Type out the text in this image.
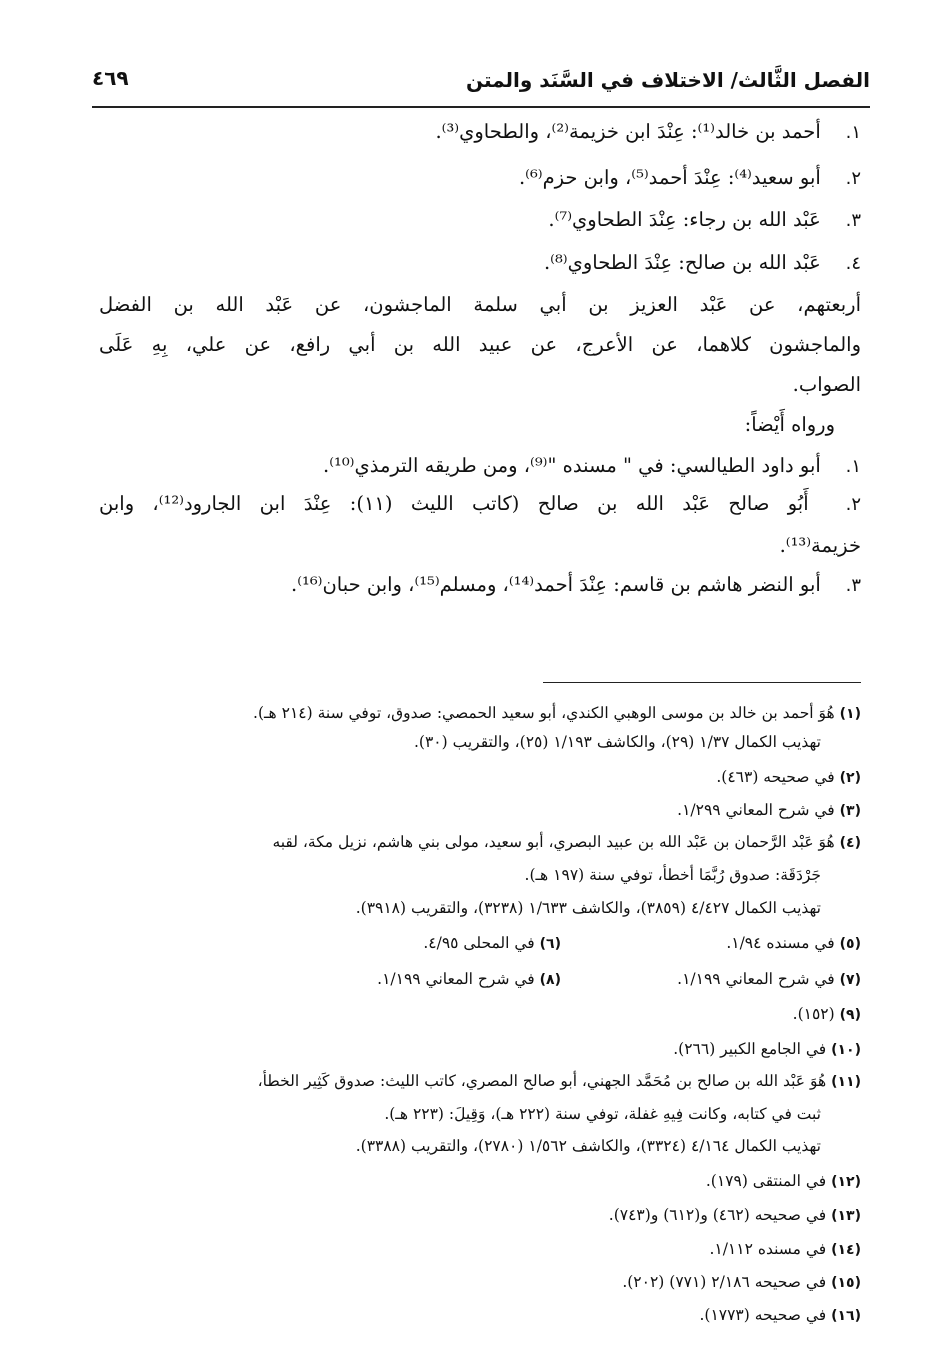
الفصل الثَّالث/ الاختلاف في السَّنَد والمتن
٤٦٩
١. أحمد بن خالد⁽¹⁾: عِنْدَ ابن خزيمة⁽²⁾، والطحاوي⁽³⁾.
٢. أبو سعيد⁽⁴⁾: عِنْدَ أحمد⁽⁵⁾، وابن حزم⁽⁶⁾.
٣. عَبْد الله بن رجاء: عِنْدَ الطحاوي⁽⁷⁾.
٤. عَبْد الله بن صالح: عِنْدَ الطحاوي⁽⁸⁾.
أربعتهم، عن عَبْد العزيز بن أبي سلمة الماجشون، عن عَبْد الله بن الفضل
والماجشون كلاهما، عن الأعرج، عن عبيد الله بن أبي رافع، عن علي، بِهِ عَلَى
الصواب.
ورواه أَيْضاً:
١. أبو داود الطيالسي: في " مسنده "⁽⁹⁾، ومن طريقه الترمذي⁽¹⁰⁾.
٢. أَبُو صالح عَبْد الله بن صالح (كاتب الليث (١١): عِنْدَ ابن الجارود⁽¹²⁾، وابن
خزيمة⁽¹³⁾.
٣. أبو النضر هاشم بن قاسم: عِنْدَ أحمد⁽¹⁴⁾، ومسلم⁽¹⁵⁾، وابن حبان⁽¹⁶⁾.
(١) هُوَ أحمد بن خالد بن موسى الوهبي الكندي، أبو سعيد الحمصي: صدوق، توفي سنة (٢١٤ هـ).
تهذيب الكمال ١/٣٧ (٢٩)، والكاشف ١/١٩٣ (٢٥)، والتقريب (٣٠).
(٢) في صحيحه (٤٦٣).
(٣) في شرح المعاني ١/٢٩٩.
(٤) هُوَ عَبْد الرَّحمان بن عَبْد الله بن عبيد البصري، أبو سعيد، مولى بني هاشم، نزيل مكة، لقبه
جَرْدَقَة: صدوق رُبَّمَا أخطأ، توفي سنة (١٩٧ هـ).
تهذيب الكمال ٤/٤٢٧ (٣٨٥٩)، والكاشف ١/٦٣٣ (٣٢٣٨)، والتقريب (٣٩١٨).
(٥) في مسنده ١/٩٤.
(٦) في المحلى ٤/٩٥.
(٧) في شرح المعاني ١/١٩٩.
(٨) في شرح المعاني ١/١٩٩.
(٩) (١٥٢).
(١٠) في الجامع الكبير (٢٦٦).
(١١) هُوَ عَبْد الله بن صالح بن مُحَمَّد الجهني، أبو صالح المصري، كاتب الليث: صدوق كَثِير الخطأ،
ثبت في كتابه، وكانت فِيهِ غفلة، توفي سنة (٢٢٢ هـ)، وَقِيلَ: (٢٢٣ هـ).
تهذيب الكمال ٤/١٦٤ (٣٣٢٤)، والكاشف ١/٥٦٢ (٢٧٨٠)، والتقريب (٣٣٨٨).
(١٢) في المنتقى (١٧٩).
(١٣) في صحيحه (٤٦٢) و(٦١٢) و(٧٤٣).
(١٤) في مسنده ١/١١٢.
(١٥) في صحيحه ٢/١٨٦ (٧٧١) (٢٠٢).
(١٦) في صحيحه (١٧٧٣).
